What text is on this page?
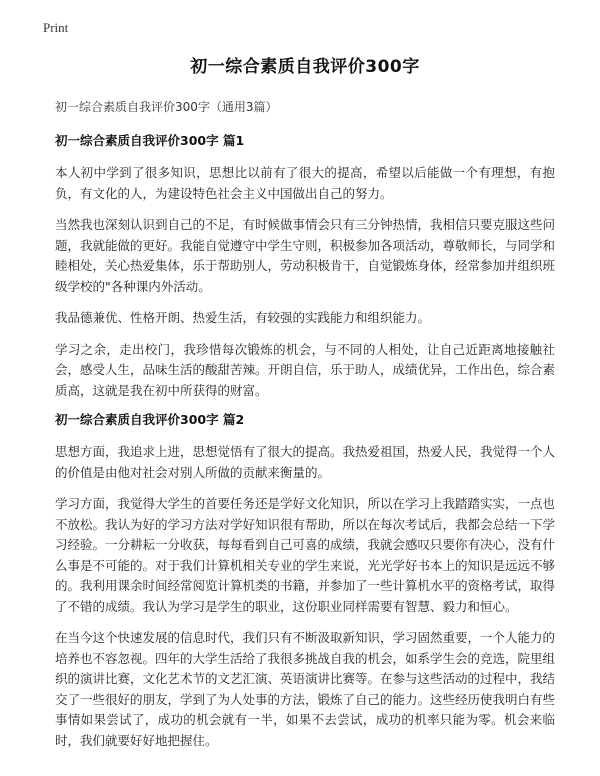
Print
初一综合素质自我评价300字
初一综合素质自我评价300字（通用3篇）
初一综合素质自我评价300字 篇1

本人初中学到了很多知识，思想比以前有了很大的提高，希望以后能做一个有理想，有抱负，有文化的人，为建设特色社会主义中国做出自己的努力。

当然我也深刻认识到自己的不足，有时候做事情会只有三分钟热情，我相信只要克服这些问题，我就能做的更好。我能自觉遵守中学生守则，积极参加各项活动，尊敬师长，与同学和睦相处，关心热爱集体，乐于帮助别人，劳动积极肯干，自觉锻炼身体，经常参加并组织班级学校的"各种课内外活动。

我品德兼优、性格开朗、热爱生活，有较强的实践能力和组织能力。

学习之余，走出校门，我珍惜每次锻炼的机会，与不同的人相处，让自己近距离地接触社会，感受人生，品味生活的酸甜苦辣。开朗自信，乐于助人，成绩优异，工作出色，综合素质高，这就是我在初中所获得的财富。

初一综合素质自我评价300字 篇2

思想方面，我追求上进，思想觉悟有了很大的提高。我热爱祖国，热爱人民，我觉得一个人的价值是由他对社会对别人所做的贡献来衡量的。

学习方面，我觉得大学生的首要任务还是学好文化知识，所以在学习上我踏踏实实，一点也不放松。我认为好的学习方法对学好知识很有帮助，所以在每次考试后，我都会总结一下学习经验。一分耕耘一分收获，每每看到自己可喜的成绩，我就会感叹只要你有决心，没有什么事是不可能的。对于我们计算机相关专业的学生来说，光光学好书本上的知识是远远不够的。我利用课余时间经常阅览计算机类的书籍，并参加了一些计算机水平的资格考试，取得了不错的成绩。我认为学习是学生的职业，这份职业同样需要有智慧、毅力和恒心。

在当今这个快速发展的信息时代，我们只有不断汲取新知识，学习固然重要，一个人能力的培养也不容忽视。四年的大学生活给了我很多挑战自我的机会，如系学生会的竞选，院里组织的演讲比赛，文化艺术节的文艺汇演、英语演讲比赛等。在参与这些活动的过程中，我结交了一些很好的朋友，学到了为人处事的方法，锻炼了自己的能力。这些经历使我明白有些事情如果尝试了，成功的机会就有一半，如果不去尝试，成功的机率只能为零。机会来临时，我们就要好好地把握住。
